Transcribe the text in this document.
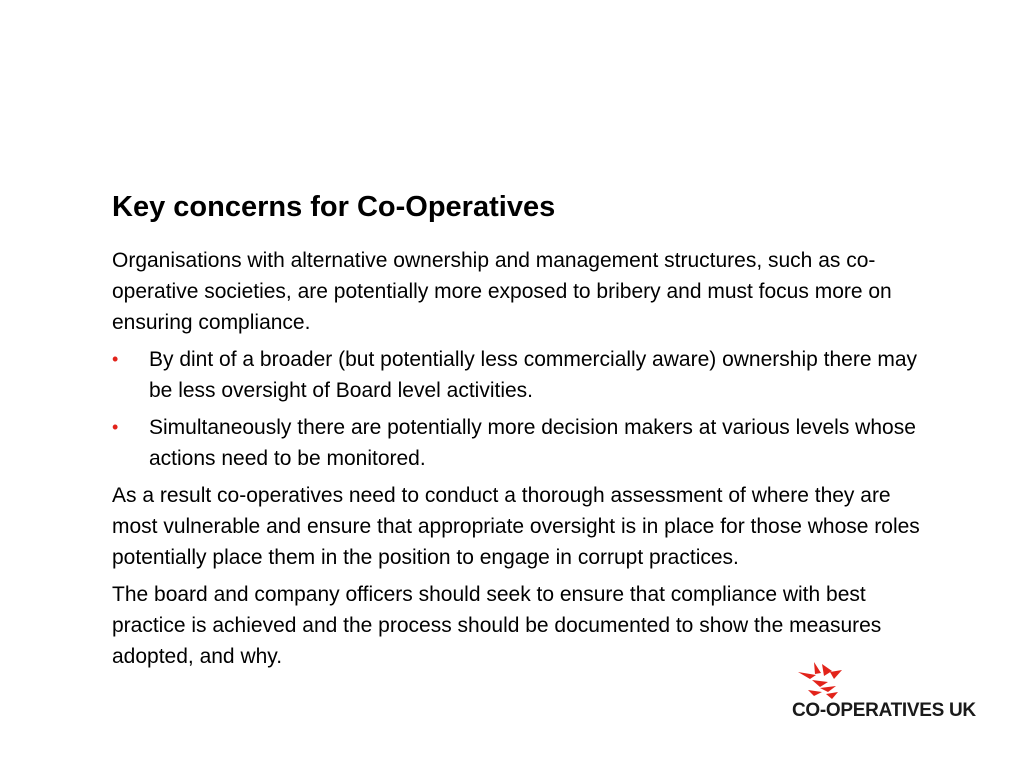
Key concerns for Co-Operatives

Organisations with alternative ownership and management structures, such as co-operative societies, are potentially more exposed to bribery and must focus more on ensuring compliance.

• By dint of a broader (but potentially less commercially aware) ownership there may be less oversight of Board level activities.
• Simultaneously there are potentially more decision makers at various levels whose actions need to be monitored.

As a result co-operatives need to conduct a thorough assessment of where they are most vulnerable and ensure that appropriate oversight is in place for those whose roles potentially place them in the position to engage in corrupt practices.

The board and company officers should seek to ensure that compliance with best practice is achieved and the process should be documented to show the measures adopted, and why.

CO-OPERATIVES UK
